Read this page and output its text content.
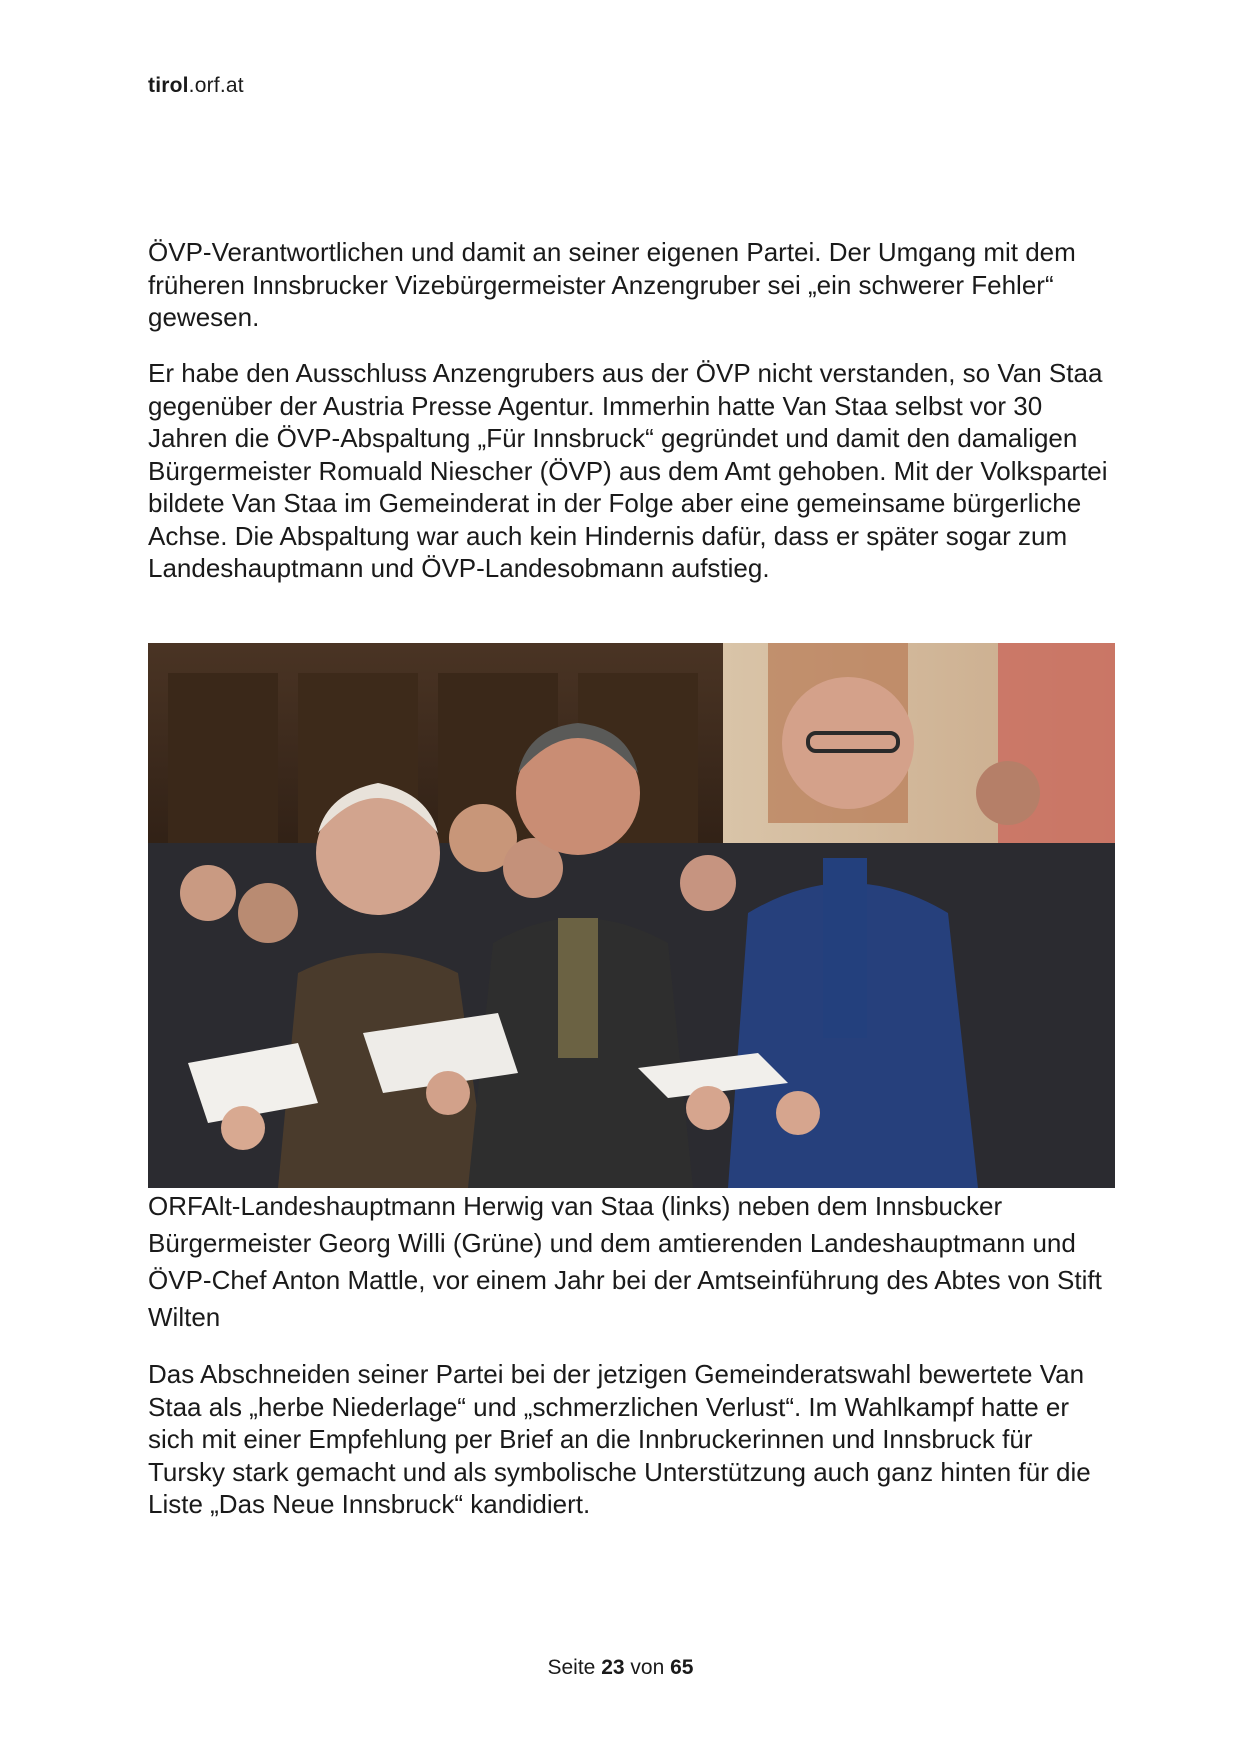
tirol.orf.at

ÖVP-Verantwortlichen und damit an seiner eigenen Partei. Der Umgang mit dem früheren Innsbrucker Vizebürgermeister Anzengruber sei „ein schwerer Fehler“ gewesen.

Er habe den Ausschluss Anzengrubers aus der ÖVP nicht verstanden, so Van Staa gegenüber der Austria Presse Agentur. Immerhin hatte Van Staa selbst vor 30 Jahren die ÖVP-Abspaltung „Für Innsbruck“ gegründet und damit den damaligen Bürgermeister Romuald Niescher (ÖVP) aus dem Amt gehoben. Mit der Volkspartei bildete Van Staa im Gemeinderat in der Folge aber eine gemeinsame bürgerliche Achse. Die Abspaltung war auch kein Hindernis dafür, dass er später sogar zum Landeshauptmann und ÖVP-Landesobmann aufstieg.

ORFAlt-Landeshauptmann Herwig van Staa (links) neben dem Innsbucker Bürgermeister Georg Willi (Grüne) und dem amtierenden Landeshauptmann und ÖVP-Chef Anton Mattle, vor einem Jahr bei der Amtseinführung des Abtes von Stift Wilten

Das Abschneiden seiner Partei bei der jetzigen Gemeinderatswahl bewertete Van Staa als „herbe Niederlage“ und „schmerzlichen Verlust“. Im Wahlkampf hatte er sich mit einer Empfehlung per Brief an die Innbruckerinnen und Innsbruck für Tursky stark gemacht und als symbolische Unterstützung auch ganz hinten für die Liste „Das Neue Innsbruck“ kandidiert.

Seite 23 von 65
